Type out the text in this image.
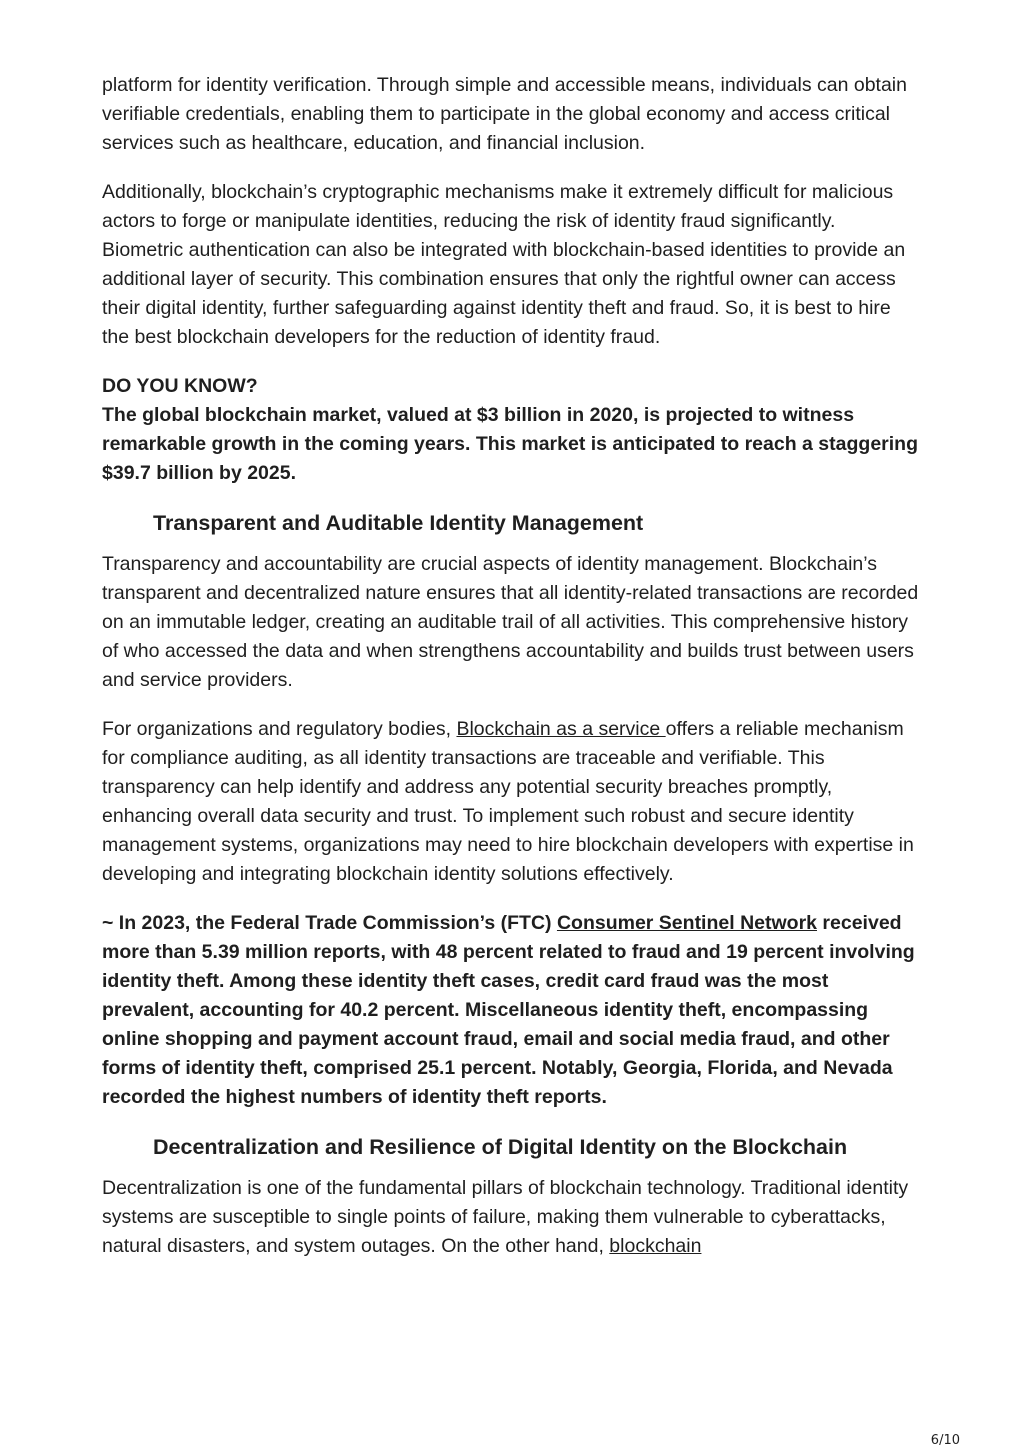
platform for identity verification. Through simple and accessible means, individuals can obtain verifiable credentials, enabling them to participate in the global economy and access critical services such as healthcare, education, and financial inclusion.

Additionally, blockchain’s cryptographic mechanisms make it extremely difficult for malicious actors to forge or manipulate identities, reducing the risk of identity fraud significantly. Biometric authentication can also be integrated with blockchain-based identities to provide an additional layer of security. This combination ensures that only the rightful owner can access their digital identity, further safeguarding against identity theft and fraud. So, it is best to hire the best blockchain developers for the reduction of identity fraud.

DO YOU KNOW?

The global blockchain market, valued at $3 billion in 2020, is projected to witness remarkable growth in the coming years. This market is anticipated to reach a staggering $39.7 billion by 2025.

Transparent and Auditable Identity Management

Transparency and accountability are crucial aspects of identity management. Blockchain’s transparent and decentralized nature ensures that all identity-related transactions are recorded on an immutable ledger, creating an auditable trail of all activities. This comprehensive history of who accessed the data and when strengthens accountability and builds trust between users and service providers.

For organizations and regulatory bodies, Blockchain as a service offers a reliable mechanism for compliance auditing, as all identity transactions are traceable and verifiable. This transparency can help identify and address any potential security breaches promptly, enhancing overall data security and trust. To implement such robust and secure identity management systems, organizations may need to hire blockchain developers with expertise in developing and integrating blockchain identity solutions effectively.

~ In 2023, the Federal Trade Commission’s (FTC) Consumer Sentinel Network received more than 5.39 million reports, with 48 percent related to fraud and 19 percent involving identity theft. Among these identity theft cases, credit card fraud was the most prevalent, accounting for 40.2 percent. Miscellaneous identity theft, encompassing online shopping and payment account fraud, email and social media fraud, and other forms of identity theft, comprised 25.1 percent. Notably, Georgia, Florida, and Nevada recorded the highest numbers of identity theft reports.

Decentralization and Resilience of Digital Identity on the Blockchain

Decentralization is one of the fundamental pillars of blockchain technology. Traditional identity systems are susceptible to single points of failure, making them vulnerable to cyberattacks, natural disasters, and system outages. On the other hand, blockchain

6/10
